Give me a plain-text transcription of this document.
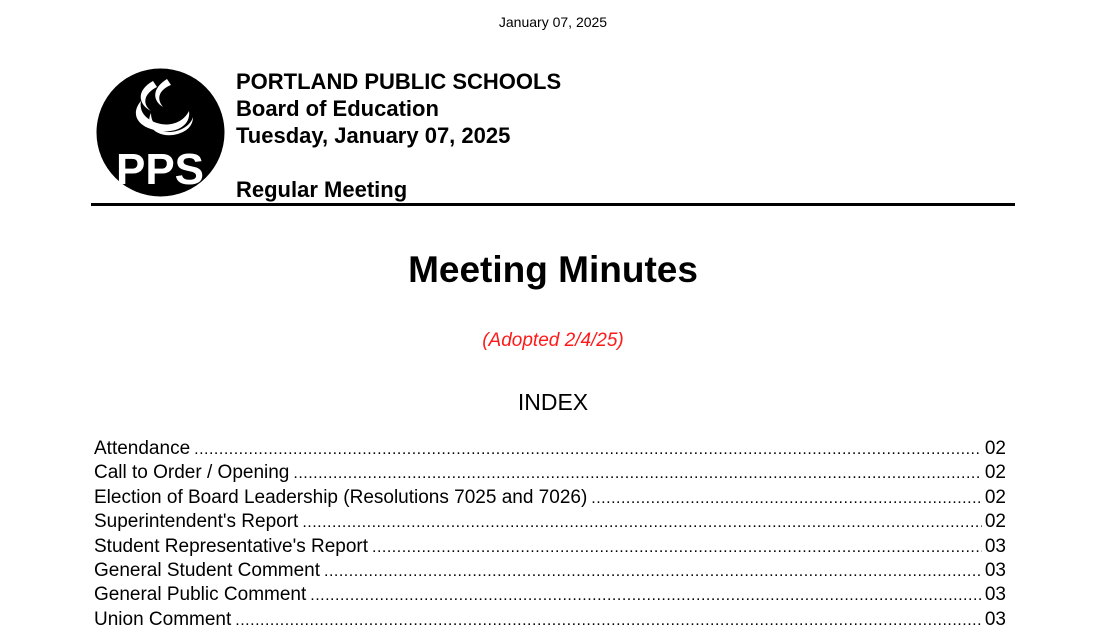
January 07, 2025
PPS
PORTLAND PUBLIC SCHOOLS
Board of Education
Tuesday, January 07, 2025
Regular Meeting
Meeting Minutes
(Adopted 2/4/25)
INDEX
Attendance .....	02
Call to Order / Opening .....	02
Election of Board Leadership (Resolutions 7025 and 7026) .....	02
Superintendent's Report .....	02
Student Representative's Report .....	03
General Student Comment .....	03
General Public Comment .....	03
Union Comment .....	03
